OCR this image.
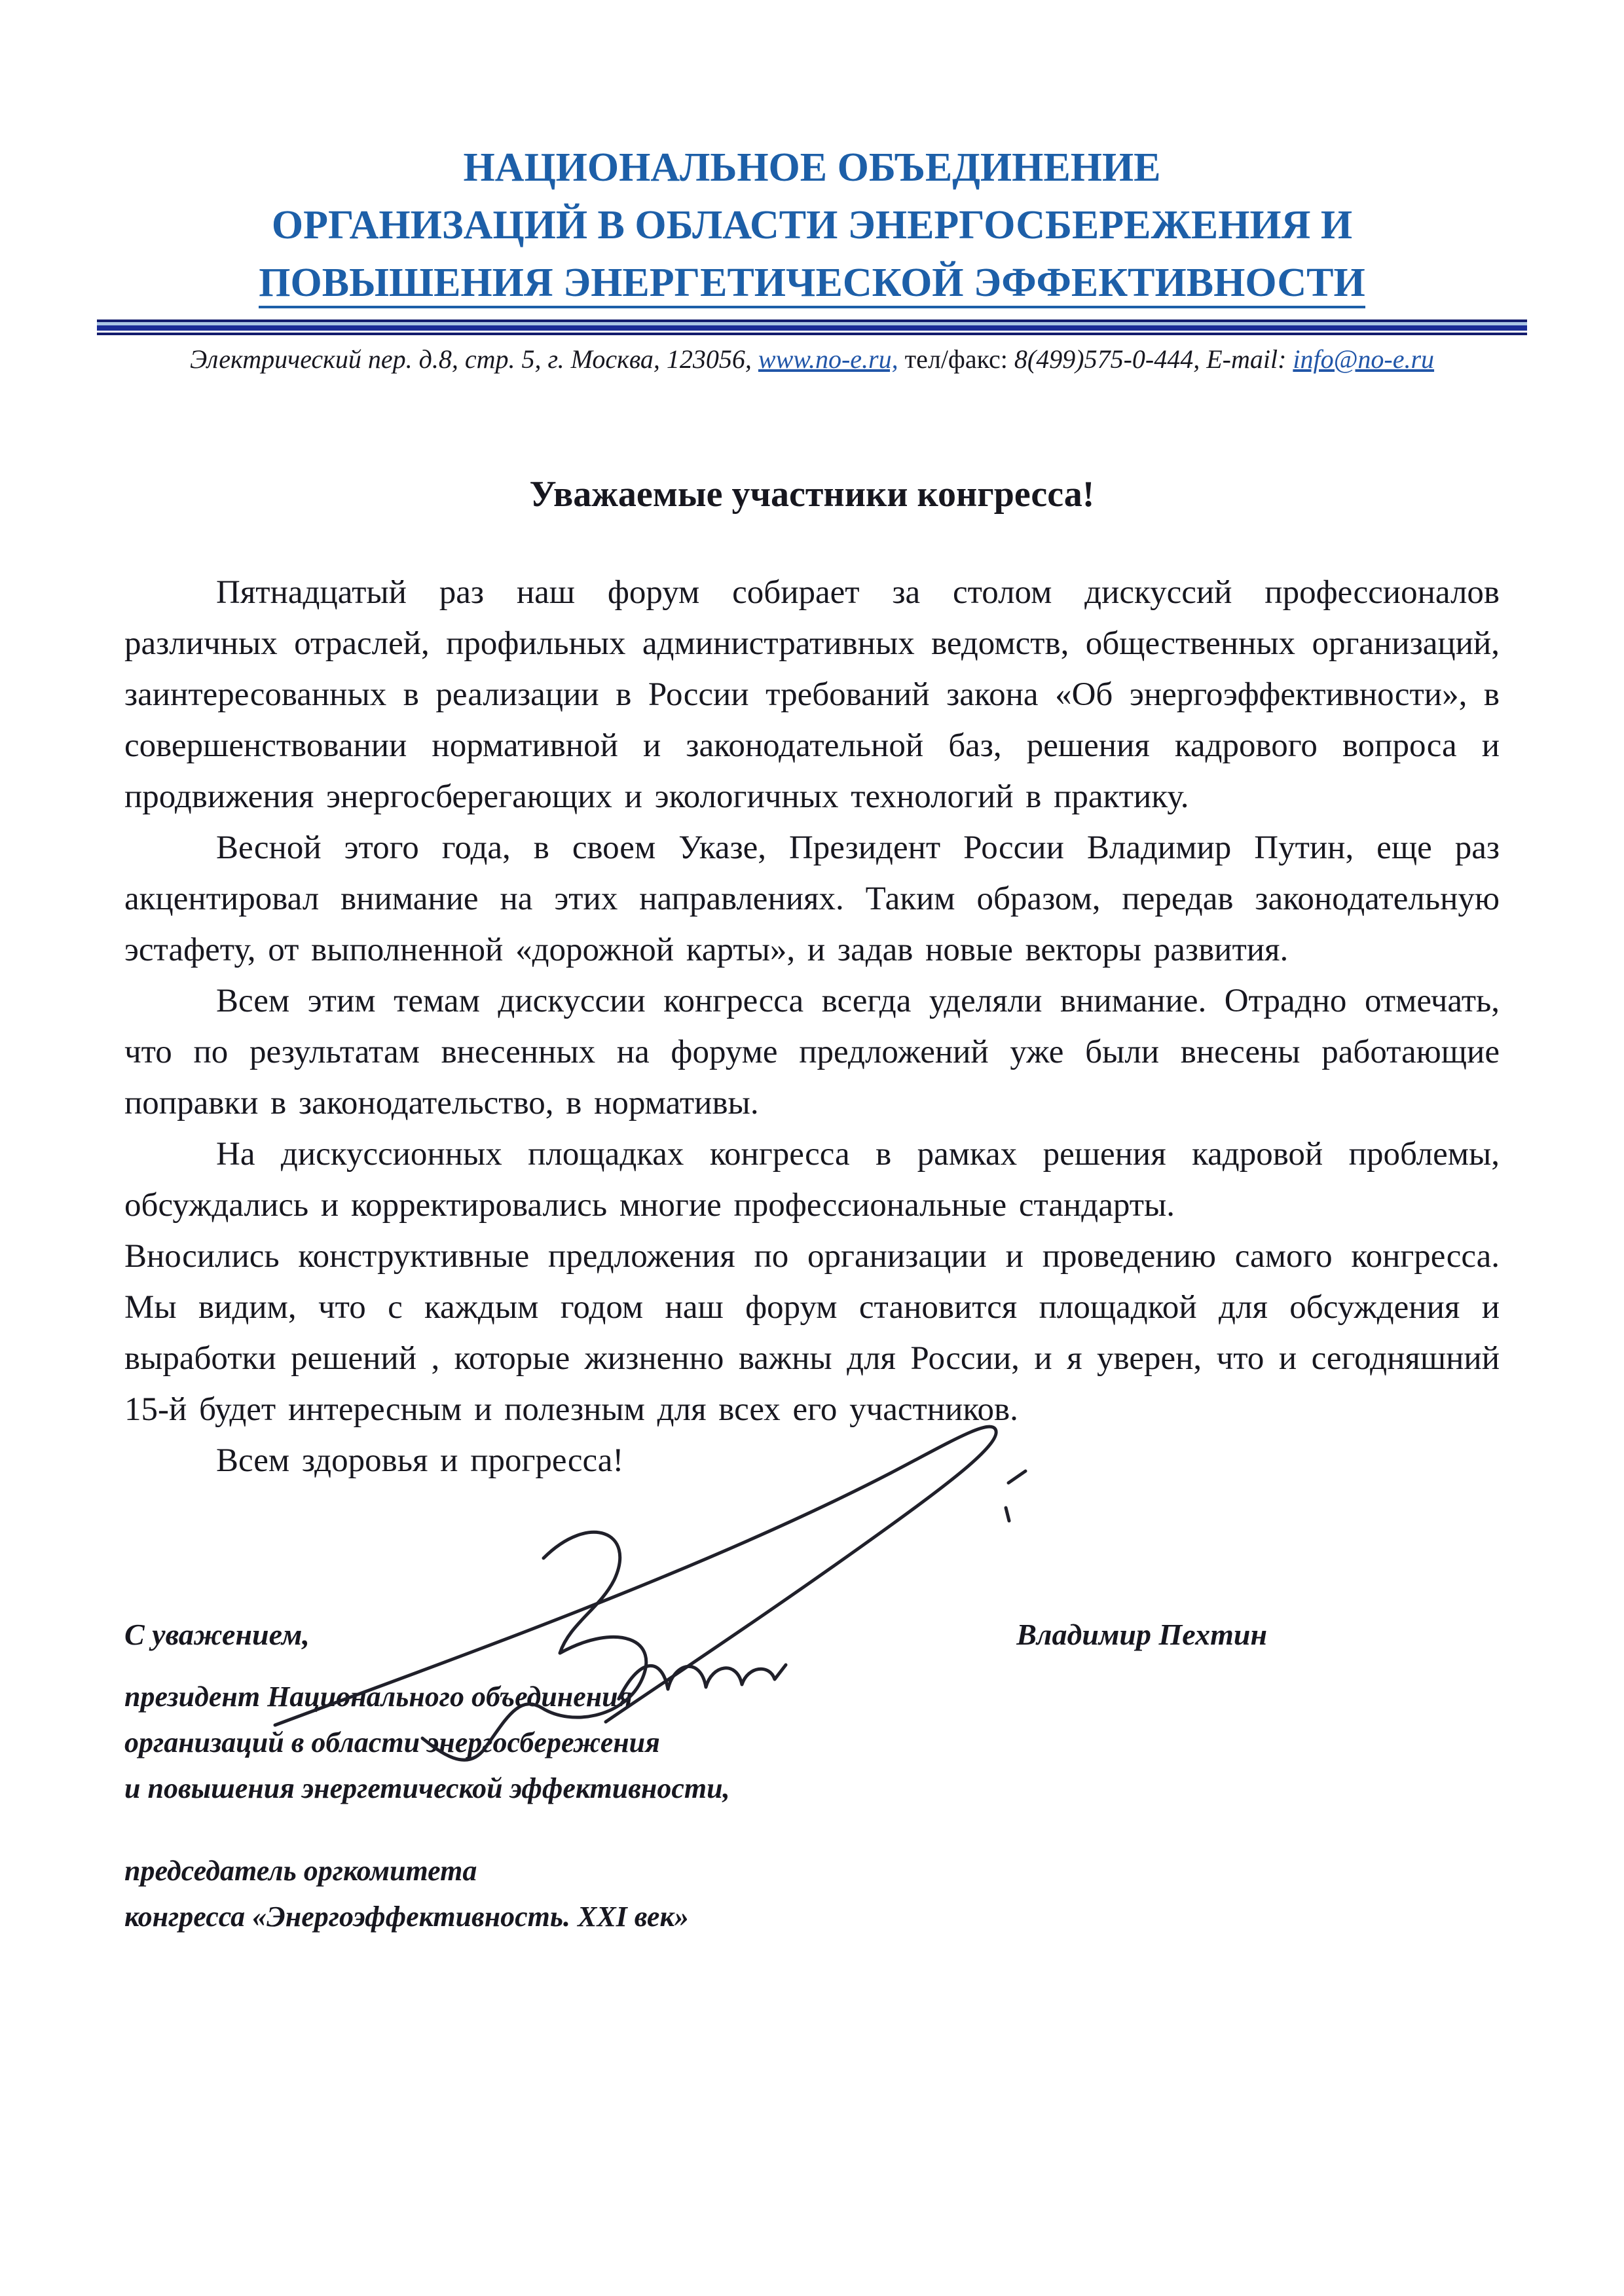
НАЦИОНАЛЬНОЕ ОБЪЕДИНЕНИЕ
ОРГАНИЗАЦИЙ В ОБЛАСТИ ЭНЕРГОСБЕРЕЖЕНИЯ И
ПОВЫШЕНИЯ ЭНЕРГЕТИЧЕСКОЙ ЭФФЕКТИВНОСТИ
Электрический пер. д.8, стр. 5, г. Москва, 123056, www.no-e.ru, тел/факс: 8(499)575-0-444, E-mail: info@no-e.ru
Уважаемые участники конгресса!

Пятнадцатый раз наш форум собирает за столом дискуссий профессионалов различных отраслей, профильных административных ведомств, общественных организаций, заинтересованных в реализации в России требований закона «Об энергоэффективности», в совершенствовании нормативной и законодательной баз, решения кадрового вопроса и продвижения энергосберегающих и экологичных технологий в практику.

Весной этого года, в своем Указе, Президент России Владимир Путин, еще раз акцентировал внимание на этих направлениях. Таким образом, передав законодательную эстафету, от выполненной «дорожной карты», и задав новые векторы развития.

Всем этим темам дискуссии конгресса всегда уделяли внимание. Отрадно отмечать, что по результатам внесенных на форуме предложений уже были внесены работающие поправки в законодательство, в нормативы.

На дискуссионных площадках конгресса в рамках решения кадровой проблемы, обсуждались и корректировались многие профессиональные стандарты.

Вносились конструктивные предложения по организации и проведению самого конгресса. Мы видим, что с каждым годом наш форум становится площадкой для обсуждения и выработки решений , которые жизненно важны для России, и я уверен, что и сегодняшний 15-й будет интересным и полезным для всех его участников.

Всем здоровья и прогресса!

С уважением,	Владимир Пехтин
президент Национального объединения
организаций в области энергосбережения
и повышения энергетической эффективности,
председатель оргкомитета
конгресса «Энергоэффективность. XXI век»
